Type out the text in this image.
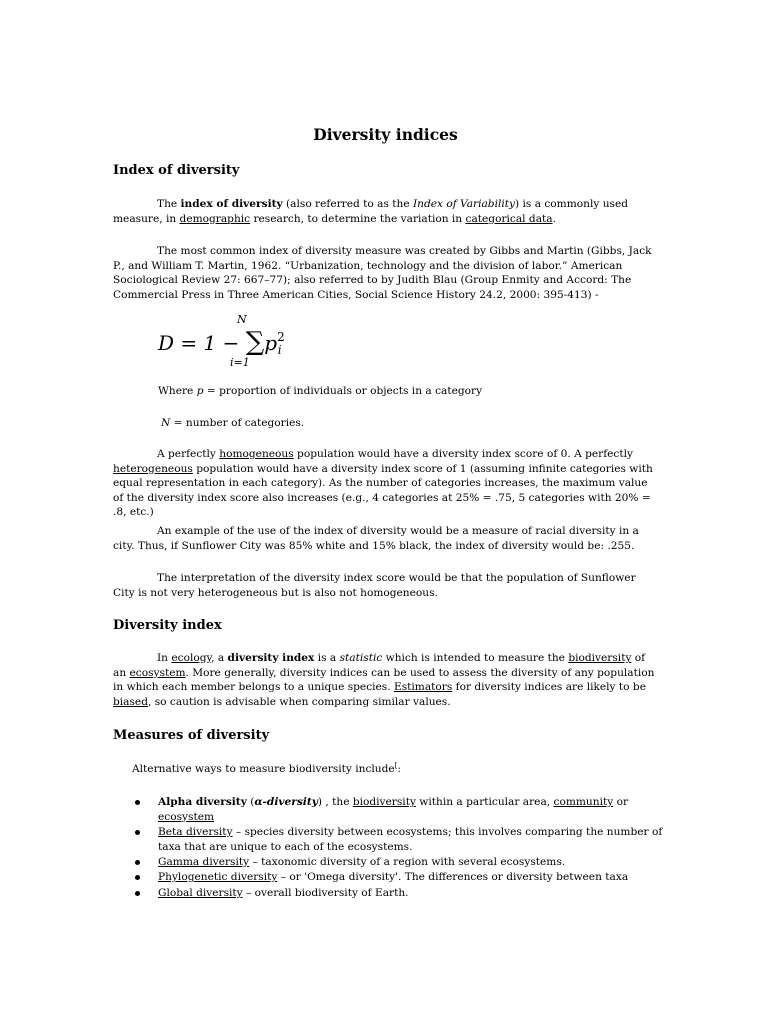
Diversity indices
Index of diversity

The index of diversity (also referred to as the Index of Variability) is a commonly used measure, in demographic research, to determine the variation in categorical data.

The most common index of diversity measure was created by Gibbs and Martin (Gibbs, Jack P., and William T. Martin, 1962. “Urbanization, technology and the division of labor.” American Sociological Review 27: 667–77); also referred to by Judith Blau (Group Enmity and Accord: The Commercial Press in Three American Cities, Social Science History 24.2, 2000: 395-413) -

N
$D = 1 - \sum p^2_i$
i=1

Where p = proportion of individuals or objects in a category

N = number of categories.

A perfectly homogeneous population would have a diversity index score of 0. A perfectly heterogeneous population would have a diversity index score of 1 (assuming infinite categories with equal representation in each category). As the number of categories increases, the maximum value of the diversity index score also increases (e.g., 4 categories at 25% = .75, 5 categories with 20% = .8, etc.)

An example of the use of the index of diversity would be a measure of racial diversity in a city. Thus, if Sunflower City was 85% white and 15% black, the index of diversity would be: .255.

The interpretation of the diversity index score would be that the population of Sunflower City is not very heterogeneous but is also not homogeneous.

Diversity index

In ecology, a diversity index is a statistic which is intended to measure the biodiversity of an ecosystem. More generally, diversity indices can be used to assess the diversity of any population in which each member belongs to a unique species. Estimators for diversity indices are likely to be biased, so caution is advisable when comparing similar values.

Measures of diversity

Alternative ways to measure biodiversity include[:

Alpha diversity (α-diversity) , the biodiversity within a particular area, community or ecosystem
Beta diversity – species diversity between ecosystems; this involves comparing the number of taxa that are unique to each of the ecosystems.
Gamma diversity – taxonomic diversity of a region with several ecosystems.
Phylogenetic diversity – or 'Omega diversity'. The differences or diversity between taxa
Global diversity – overall biodiversity of Earth.
